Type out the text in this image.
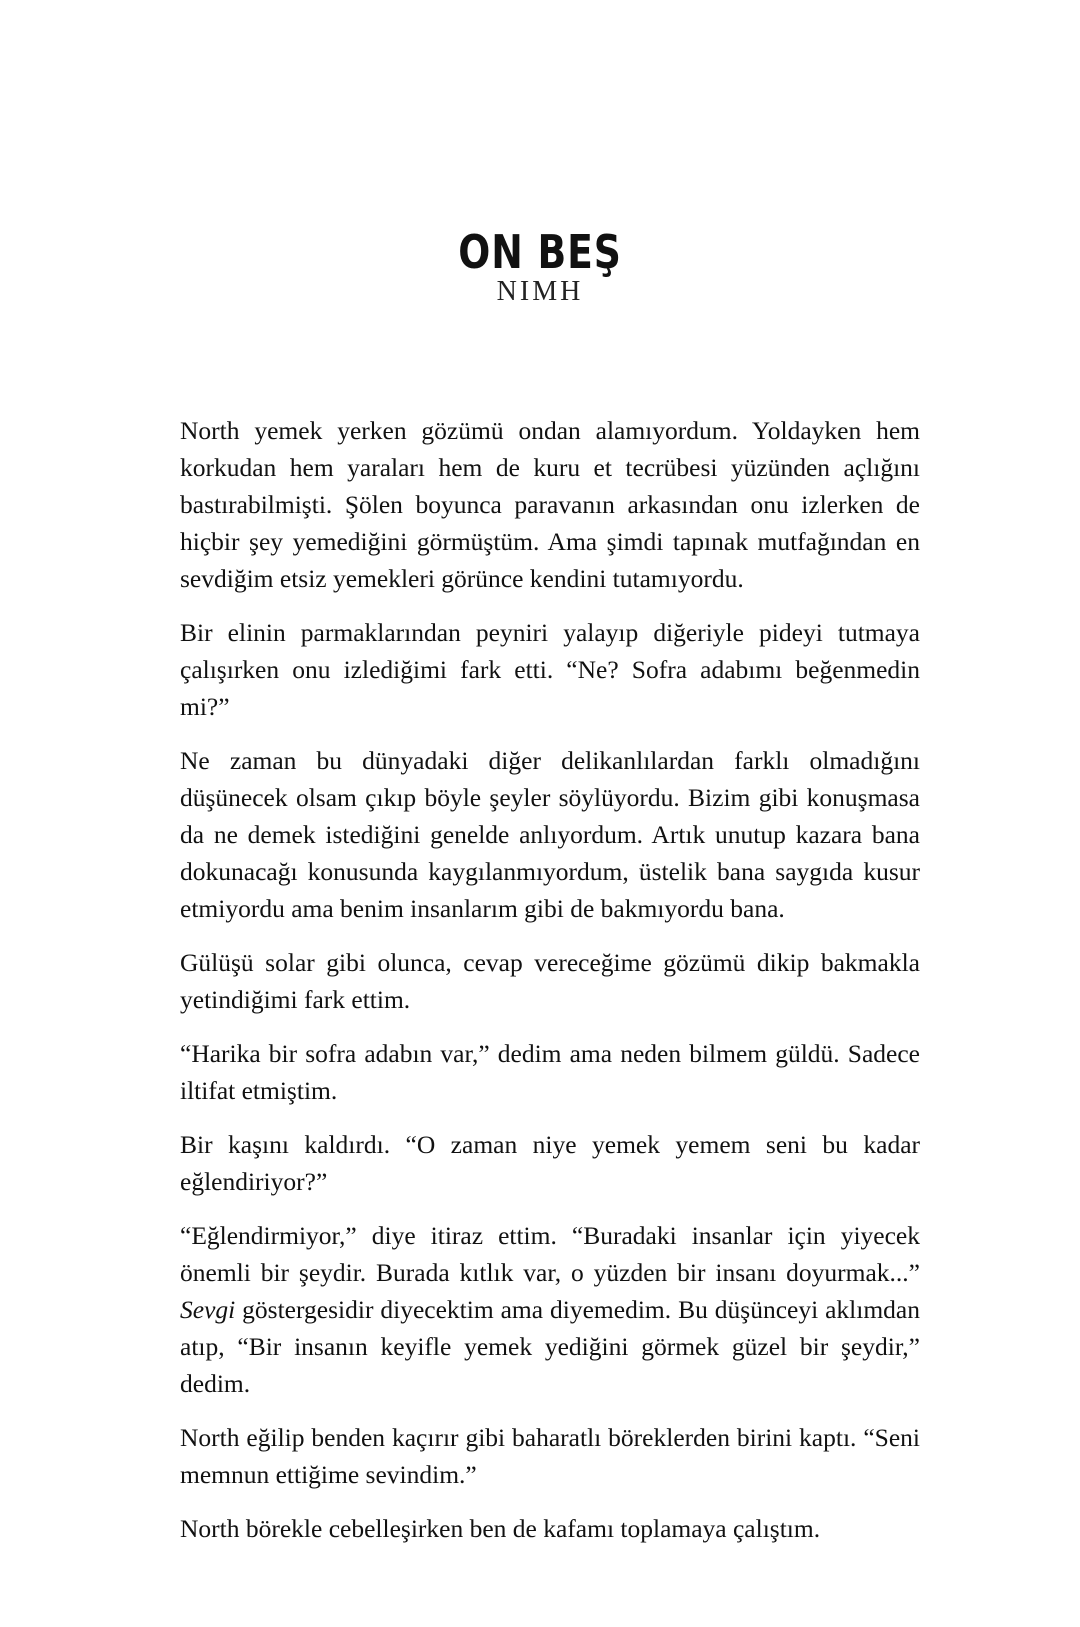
ON BEŞ
NIMH

North yemek yerken gözümü ondan alamıyordum. Yoldayken hem korkudan hem yaraları hem de kuru et tecrübesi yüzünden açlığını bastırabilmişti. Şölen boyunca paravanın arkasından onu izlerken de hiçbir şey yemediğini görmüştüm. Ama şimdi tapınak mutfağından en sevdiğim etsiz yemekleri görünce kendini tutamıyordu.

Bir elinin parmaklarından peyniri yalayıp diğeriyle pideyi tutmaya çalışırken onu izlediğimi fark etti. “Ne? Sofra adabımı beğenmedin mi?”

Ne zaman bu dünyadaki diğer delikanlılardan farklı olmadığını düşünecek olsam çıkıp böyle şeyler söylüyordu. Bizim gibi konuşmasa da ne demek istediğini genelde anlıyordum. Artık unutup kazara bana dokunacağı konusunda kaygılanmıyordum, üstelik bana saygıda kusur etmiyordu ama benim insanlarım gibi de bakmıyordu bana.

Gülüşü solar gibi olunca, cevap vereceğime gözümü dikip bakmakla yetindiğimi fark ettim.

“Harika bir sofra adabın var,” dedim ama neden bilmem güldü. Sadece iltifat etmiştim.

Bir kaşını kaldırdı. “O zaman niye yemek yemem seni bu kadar eğlendiriyor?”

“Eğlendirmiyor,” diye itiraz ettim. “Buradaki insanlar için yiyecek önemli bir şeydir. Burada kıtlık var, o yüzden bir insanı doyurmak...” Sevgi göstergesidir diyecektim ama diyemedim. Bu düşünceyi aklımdan atıp, “Bir insanın keyifle yemek yediğini görmek güzel bir şeydir,” dedim.

North eğilip benden kaçırır gibi baharatlı böreklerden birini kaptı. “Seni memnun ettiğime sevindim.”

North börekle cebelleşirken ben de kafamı toplamaya çalıştım.
